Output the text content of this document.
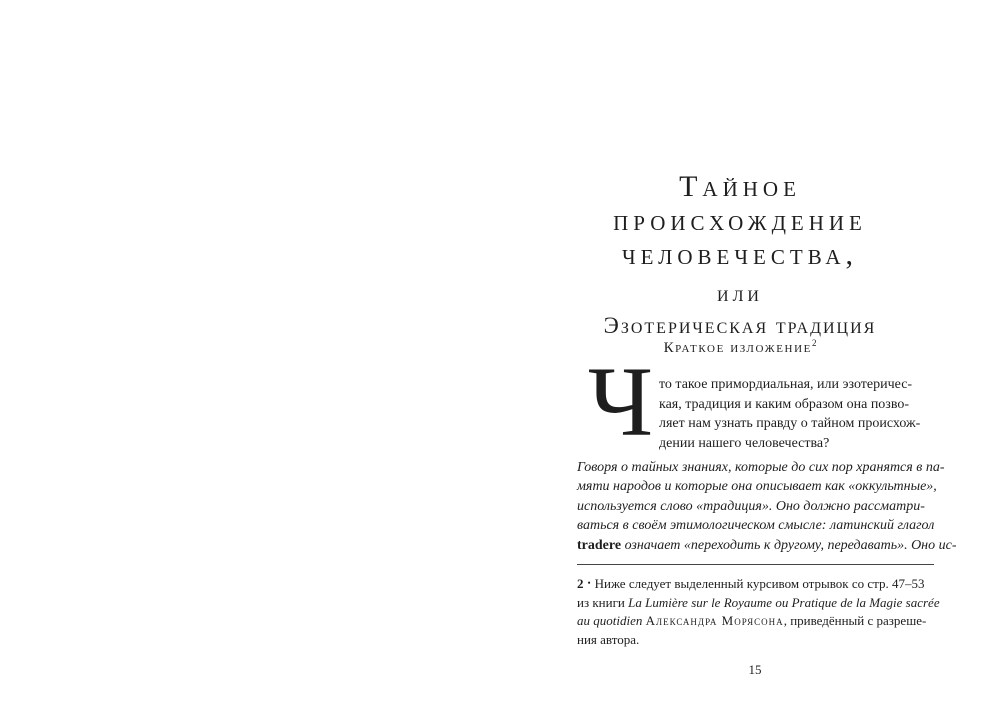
Тайное
происхождение
человечества,
или
Эзотерическая традиция
Краткое изложение$^2$
Ч то такое примордиальная, или эзотеричес-
кая, традиция и каким образом она позво-
ляет нам узнать правду о тайном происхож-
дении нашего человечества?
Говоря о тайных знаниях, которые до сих пор хранятся в па-
мяти народов и которые она описывает как «оккультные»,
используется слово «традиция». Оно должно рассматри-
ваться в своём этимологическом смысле: латинский глагол
tradere означает «переходить к другому, передавать». Оно ис-
2 • Ниже следует выделенный курсивом отрывок со стр. 47–53
из книги La Lumière sur le Royaume ou Pratique de la Magie sacrée
au quotidien Александра Морясона, приведённый с разреше-
ния автора.
15
